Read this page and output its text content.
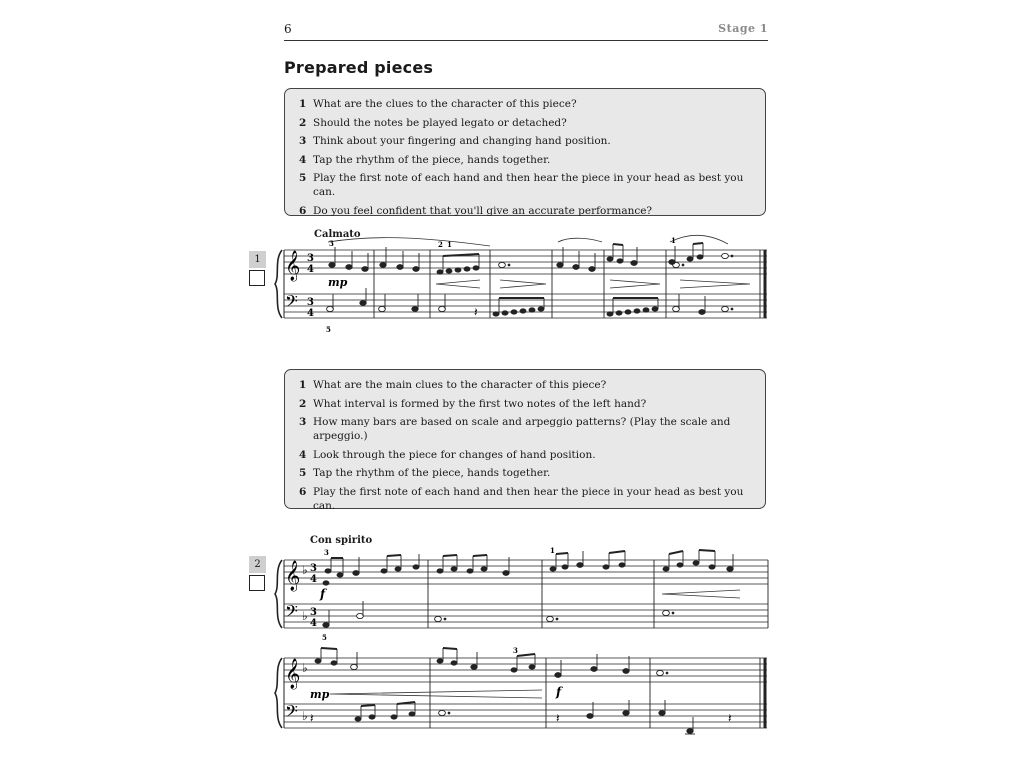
6	Stage 1
Prepared pieces
1 What are the clues to the character of this piece?
2 Should the notes be played legato or detached?
3 Think about your fingering and changing hand position.
4 Tap the rhythm of the piece, hands together.
5 Play the first note of each hand and then hear the piece in your head as best you can.
6 Do you feel confident that you'll give an accurate performance?
Calmato
1 𝄞
𝄢
3
4
3
4
mp
3	2 1	1
5
𝄽
1 What are the main clues to the character of this piece?
2 What interval is formed by the first two notes of the left hand?
3 How many bars are based on scale and arpeggio patterns? (Play the scale and arpeggio.)
4 Look through the piece for changes of hand position.
5 Tap the rhythm of the piece, hands together.
6 Play the first note of each hand and then hear the piece in your head as best you can.
Con spirito
2 𝄞
𝄢
♭
♭
3
4
3
4
f
3	1
5
𝄞
𝄢
♭
♭
mp	f
3
𝄽	𝄽	𝄽
